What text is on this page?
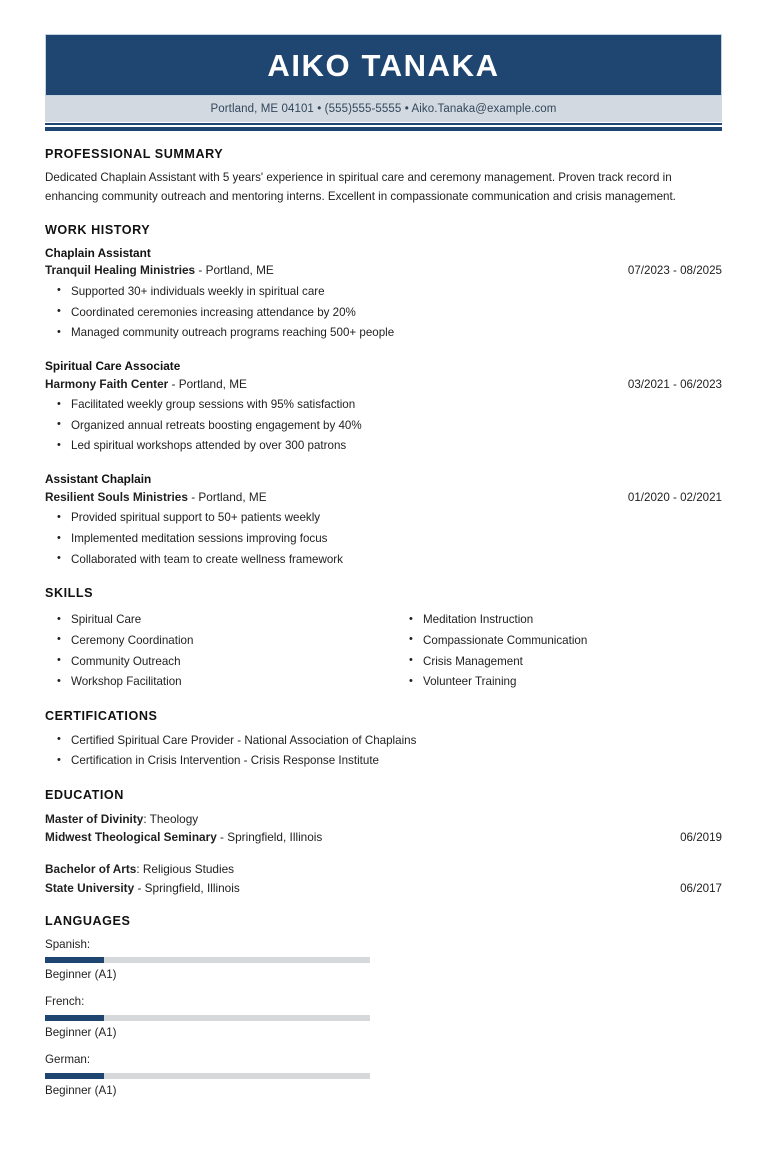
AIKO TANAKA
Portland, ME 04101 • (555)555-5555 • Aiko.Tanaka@example.com
PROFESSIONAL SUMMARY
Dedicated Chaplain Assistant with 5 years' experience in spiritual care and ceremony management. Proven track record in enhancing community outreach and mentoring interns. Excellent in compassionate communication and crisis management.
WORK HISTORY
Chaplain Assistant
Tranquil Healing Ministries - Portland, ME	07/2023 - 08/2025
• Supported 30+ individuals weekly in spiritual care
• Coordinated ceremonies increasing attendance by 20%
• Managed community outreach programs reaching 500+ people
Spiritual Care Associate
Harmony Faith Center - Portland, ME	03/2021 - 06/2023
• Facilitated weekly group sessions with 95% satisfaction
• Organized annual retreats boosting engagement by 40%
• Led spiritual workshops attended by over 300 patrons
Assistant Chaplain
Resilient Souls Ministries - Portland, ME	01/2020 - 02/2021
• Provided spiritual support to 50+ patients weekly
• Implemented meditation sessions improving focus
• Collaborated with team to create wellness framework
SKILLS
• Spiritual Care
• Ceremony Coordination
• Community Outreach
• Workshop Facilitation
• Meditation Instruction
• Compassionate Communication
• Crisis Management
• Volunteer Training
CERTIFICATIONS
• Certified Spiritual Care Provider - National Association of Chaplains
• Certification in Crisis Intervention - Crisis Response Institute
EDUCATION
Master of Divinity: Theology
Midwest Theological Seminary - Springfield, Illinois	06/2019
Bachelor of Arts: Religious Studies
State University - Springfield, Illinois	06/2017
LANGUAGES
Spanish:
Beginner (A1)
French:
Beginner (A1)
German:
Beginner (A1)
